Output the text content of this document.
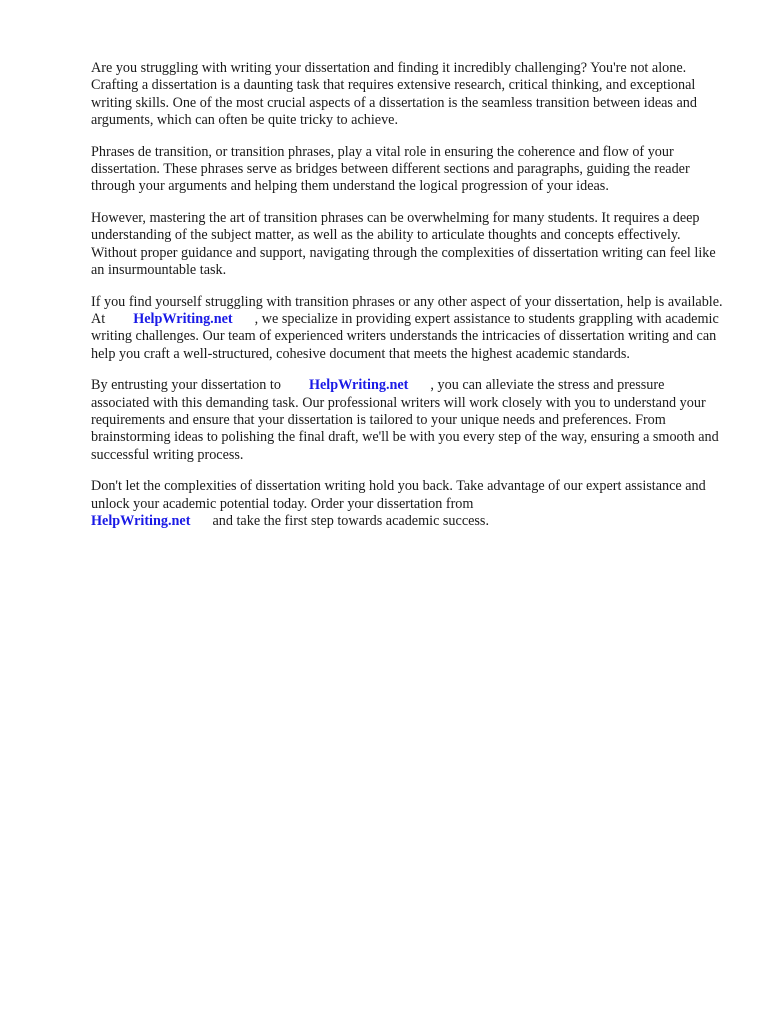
Are you struggling with writing your dissertation and finding it incredibly challenging? You're not alone. Crafting a dissertation is a daunting task that requires extensive research, critical thinking, and exceptional writing skills. One of the most crucial aspects of a dissertation is the seamless transition between ideas and arguments, which can often be quite tricky to achieve.

Phrases de transition, or transition phrases, play a vital role in ensuring the coherence and flow of your dissertation. These phrases serve as bridges between different sections and paragraphs, guiding the reader through your arguments and helping them understand the logical progression of your ideas.

However, mastering the art of transition phrases can be overwhelming for many students. It requires a deep understanding of the subject matter, as well as the ability to articulate thoughts and concepts effectively. Without proper guidance and support, navigating through the complexities of dissertation writing can feel like an insurmountable task.

If you find yourself struggling with transition phrases or any other aspect of your dissertation, help is available. At HelpWriting.net , we specialize in providing expert assistance to students grappling with academic writing challenges. Our team of experienced writers understands the intricacies of dissertation writing and can help you craft a well-structured, cohesive document that meets the highest academic standards.

By entrusting your dissertation to HelpWriting.net , you can alleviate the stress and pressure associated with this demanding task. Our professional writers will work closely with you to understand your requirements and ensure that your dissertation is tailored to your unique needs and preferences. From brainstorming ideas to polishing the final draft, we'll be with you every step of the way, ensuring a smooth and successful writing process.

Don't let the complexities of dissertation writing hold you back. Take advantage of our expert assistance and unlock your academic potential today. Order your dissertation from
HelpWriting.net and take the first step towards academic success.
